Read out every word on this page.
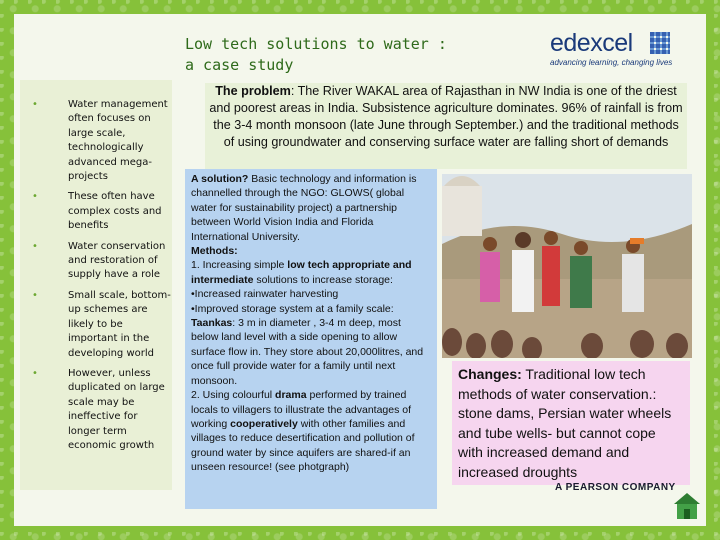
Low tech solutions to water :
a case study
edexcel
advancing learning, changing lives
The problem: The River WAKAL area of Rajasthan in NW India is one of the driest and poorest areas in India. Subsistence agriculture dominates. 96% of rainfall is from the 3-4 month monsoon (late June through September.) and the traditional methods of using groundwater and conserving surface water are falling short of demands
•	Water management often focuses on large scale, technologically advanced mega-projects
•	These often have complex costs and benefits
•	Water conservation and restoration of supply have a role
•	Small scale, bottom-up schemes are likely to be important in the developing world
•	However, unless duplicated on large scale may be ineffective for longer term economic growth

A solution? Basic technology and information is channelled through the NGO: GLOWS( global water for sustainability project) a partnership between World Vision India and Florida International University.

Methods:

1. Increasing simple low tech appropriate and intermediate solutions to increase storage:

•Increased rainwater harvesting

•Improved storage system at a family scale:

Taankas: 3 m in diameter , 3-4 m deep, most below land level with a side opening to allow surface flow in. They store about 20,000litres, and once full provide water for a family until next monsoon.

2. Using colourful drama performed by trained locals to villagers to illustrate the advantages of working cooperatively with other families and villages to reduce desertification and pollution of ground water by since aquifers are shared-if an unseen resource! (see photgraph)

Changes: Traditional low tech methods of water conservation.: stone dams, Persian water wheels and tube wells- but cannot cope with increased demand and increased droughts
A PEARSON COMPANY
